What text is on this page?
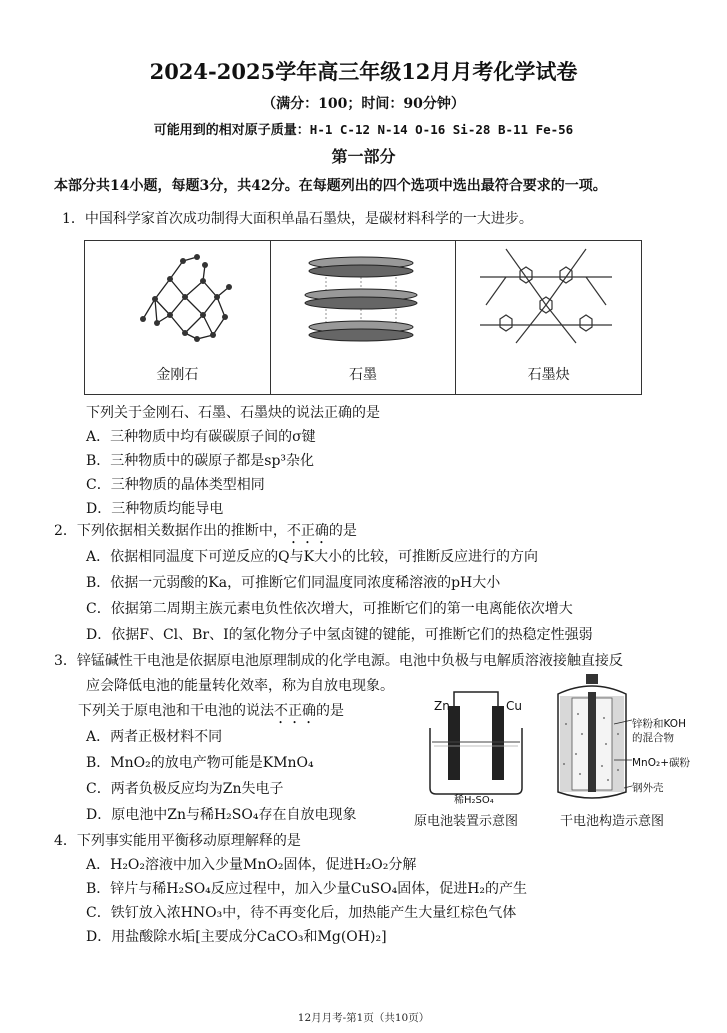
2024-2025学年高三年级12月月考化学试卷
（满分：100；时间：90分钟）
可能用到的相对原子质量：H-1 C-12 N-14 O-16 Si-28 B-11 Fe-56
第一部分
本部分共14小题，每题3分，共42分。在每题列出的四个选项中选出最符合要求的一项。
1．中国科学家首次成功制得大面积单晶石墨炔，是碳材料科学的一大进步。
金刚石	石墨	石墨炔
下列关于金刚石、石墨、石墨炔的说法正确的是
A．三种物质中均有碳碳原子间的σ键
B．三种物质中的碳原子都是sp³杂化
C．三种物质的晶体类型相同
D．三种物质均能导电
2．下列依据相关数据作出的推断中，不正确的是
A．依据相同温度下可逆反应的Q与K大小的比较，可推断反应进行的方向
B．依据一元弱酸的Ka，可推断它们同温度同浓度稀溶液的pH大小
C．依据第二周期主族元素电负性依次增大，可推断它们的第一电离能依次增大
D．依据F、Cl、Br、I的氢化物分子中氢卤键的键能，可推断它们的热稳定性强弱
3．锌锰碱性干电池是依据原电池原理制成的化学电源。电池中负极与电解质溶液接触直接反
应会降低电池的能量转化效率，称为自放电现象。
下列关于原电池和干电池的说法不正确的是
A．两者正极材料不同
B．MnO₂的放电产物可能是KMnO₄
C．两者负极反应均为Zn失电子
D．原电池中Zn与稀H₂SO₄存在自放电现象
Zn	Cu
稀H₂SO₄
原电池装置示意图
锌粉和KOH
的混合物
MnO₂+碳粉
钢外壳
干电池构造示意图
4．下列事实能用平衡移动原理解释的是
A．H₂O₂溶液中加入少量MnO₂固体，促进H₂O₂分解
B．锌片与稀H₂SO₄反应过程中，加入少量CuSO₄固体，促进H₂的产生
C．铁钉放入浓HNO₃中，待不再变化后，加热能产生大量红棕色气体
D．用盐酸除水垢[主要成分CaCO₃和Mg(OH)₂]
12月月考-第1页（共10页）
